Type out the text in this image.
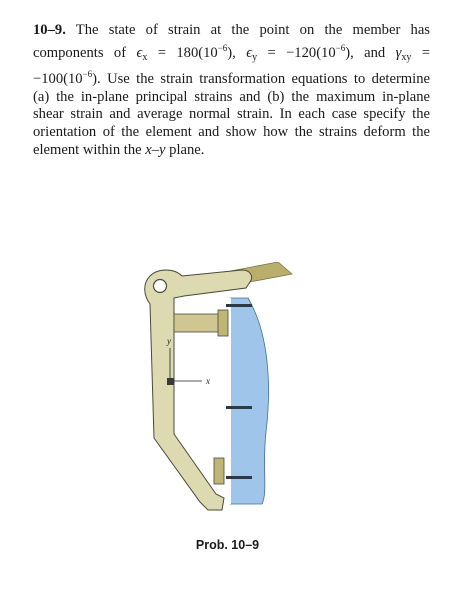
10–9. The state of strain at the point on the member has components of $\epsilon_x = 180(10^{-6})$, $\epsilon_y = -120(10^{-6})$, and $\gamma_{xy} = -100(10^{-6})$. Use the strain transformation equations to determine (a) the in-plane principal strains and (b) the maximum in-plane shear strain and average normal strain. In each case specify the orientation of the element and show how the strains deform the element within the x–y plane.

y
x

Prob. 10–9
